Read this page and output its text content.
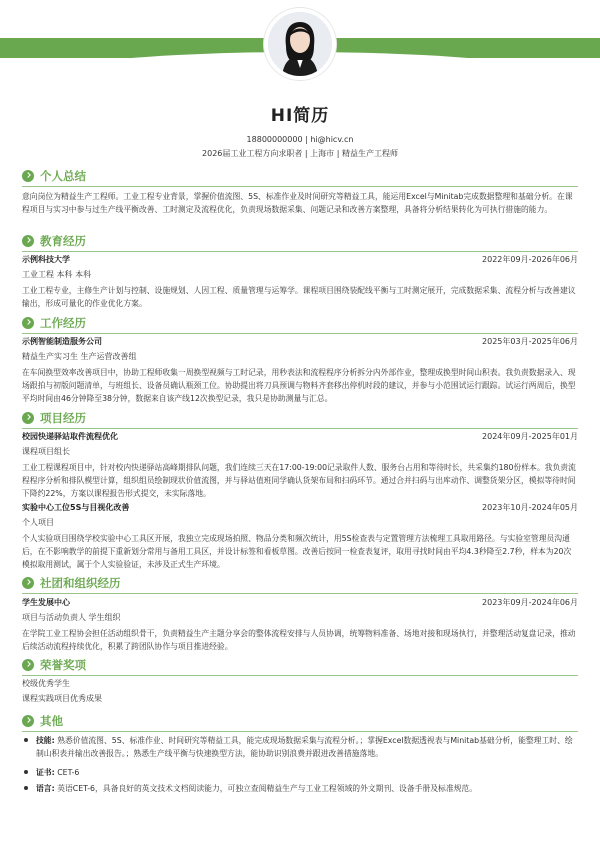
HI简历
18800000000 | hi@hicv.cn
2026届工业工程方向求职者 | 上海市 | 精益生产工程师
个人总结
意向岗位为精益生产工程师。工业工程专业背景，掌握价值流图、5S、标准作业及时间研究等精益工具，能运用Excel与Minitab完成数据整理和基础分析。在课程项目与实习中参与过生产线平衡改善、工时测定及流程优化，负责现场数据采集、问题记录和改善方案整理，具备将分析结果转化为可执行措施的能力。
教育经历
示例科技大学	2022年09月-2026年06月
工业工程 本科 本科
工业工程专业，主修生产计划与控制、设施规划、人因工程、质量管理与运筹学。课程项目围绕装配线平衡与工时测定展开，完成数据采集、流程分析与改善建议输出，形成可量化的作业优化方案。
工作经历
示例智能制造服务公司	2025年03月-2025年06月
精益生产实习生 生产运营改善组
在车间换型效率改善项目中，协助工程师收集一周换型视频与工时记录，用秒表法和流程程序分析拆分内外部作业，整理成换型时间山积表。我负责数据录入、现场跟拍与初版问题清单，与班组长、设备员确认瓶颈工位。协助提出将刀具预调与物料齐套移出停机时段的建议，并参与小范围试运行跟踪。试运行两周后，换型平均时间由46分钟降至38分钟，数据来自该产线12次换型记录，我只是协助测量与汇总。
项目经历
校园快递驿站取件流程优化	2024年09月-2025年01月
课程项目组长
工业工程课程项目中，针对校内快递驿站高峰期排队问题，我们连续三天在17:00-19:00记录取件人数、服务台占用和等待时长，共采集约180份样本。我负责流程程序分析和排队模型计算，组织组员绘制现状价值流图，并与驿站值班同学确认货架布局和扫码环节。通过合并扫码与出库动作、调整货架分区，模拟等待时间下降约22%，方案以课程报告形式提交，未实际落地。
实验中心工位5S与目视化改善	2023年10月-2024年05月
个人项目
个人实验项目围绕学校实验中心工具区开展，我独立完成现场拍照、物品分类和频次统计，用5S检查表与定置管理方法梳理工具取用路径。与实验室管理员沟通后，在不影响教学的前提下重新划分常用与备用工具区，并设计标签和看板草图。改善后按同一检查表复评，取用寻找时间由平均4.3秒降至2.7秒，样本为20次模拟取用测试，属于个人实验验证，未涉及正式生产环境。
社团和组织经历
学生发展中心	2023年09月-2024年06月
项目与活动负责人 学生组织
在学院工业工程协会担任活动组织骨干，负责精益生产主题分享会的整体流程安排与人员协调，统筹物料准备、场地对接和现场执行，并整理活动复盘记录，推动后续活动流程持续优化，积累了跨团队协作与项目推进经验。
荣誉奖项
校级优秀学生
课程实践项目优秀成果
其他
技能: 熟悉价值流图、5S、标准作业、时间研究等精益工具，能完成现场数据采集与流程分析。；掌握Excel数据透视表与Minitab基础分析，能整理工时、绘制山积表并输出改善报告。；熟悉生产线平衡与快速换型方法，能协助识别浪费并跟进改善措施落地。
证书: CET-6
语言: 英语CET-6，具备良好的英文技术文档阅读能力，可独立查阅精益生产与工业工程领域的外文期刊、设备手册及标准规范。
